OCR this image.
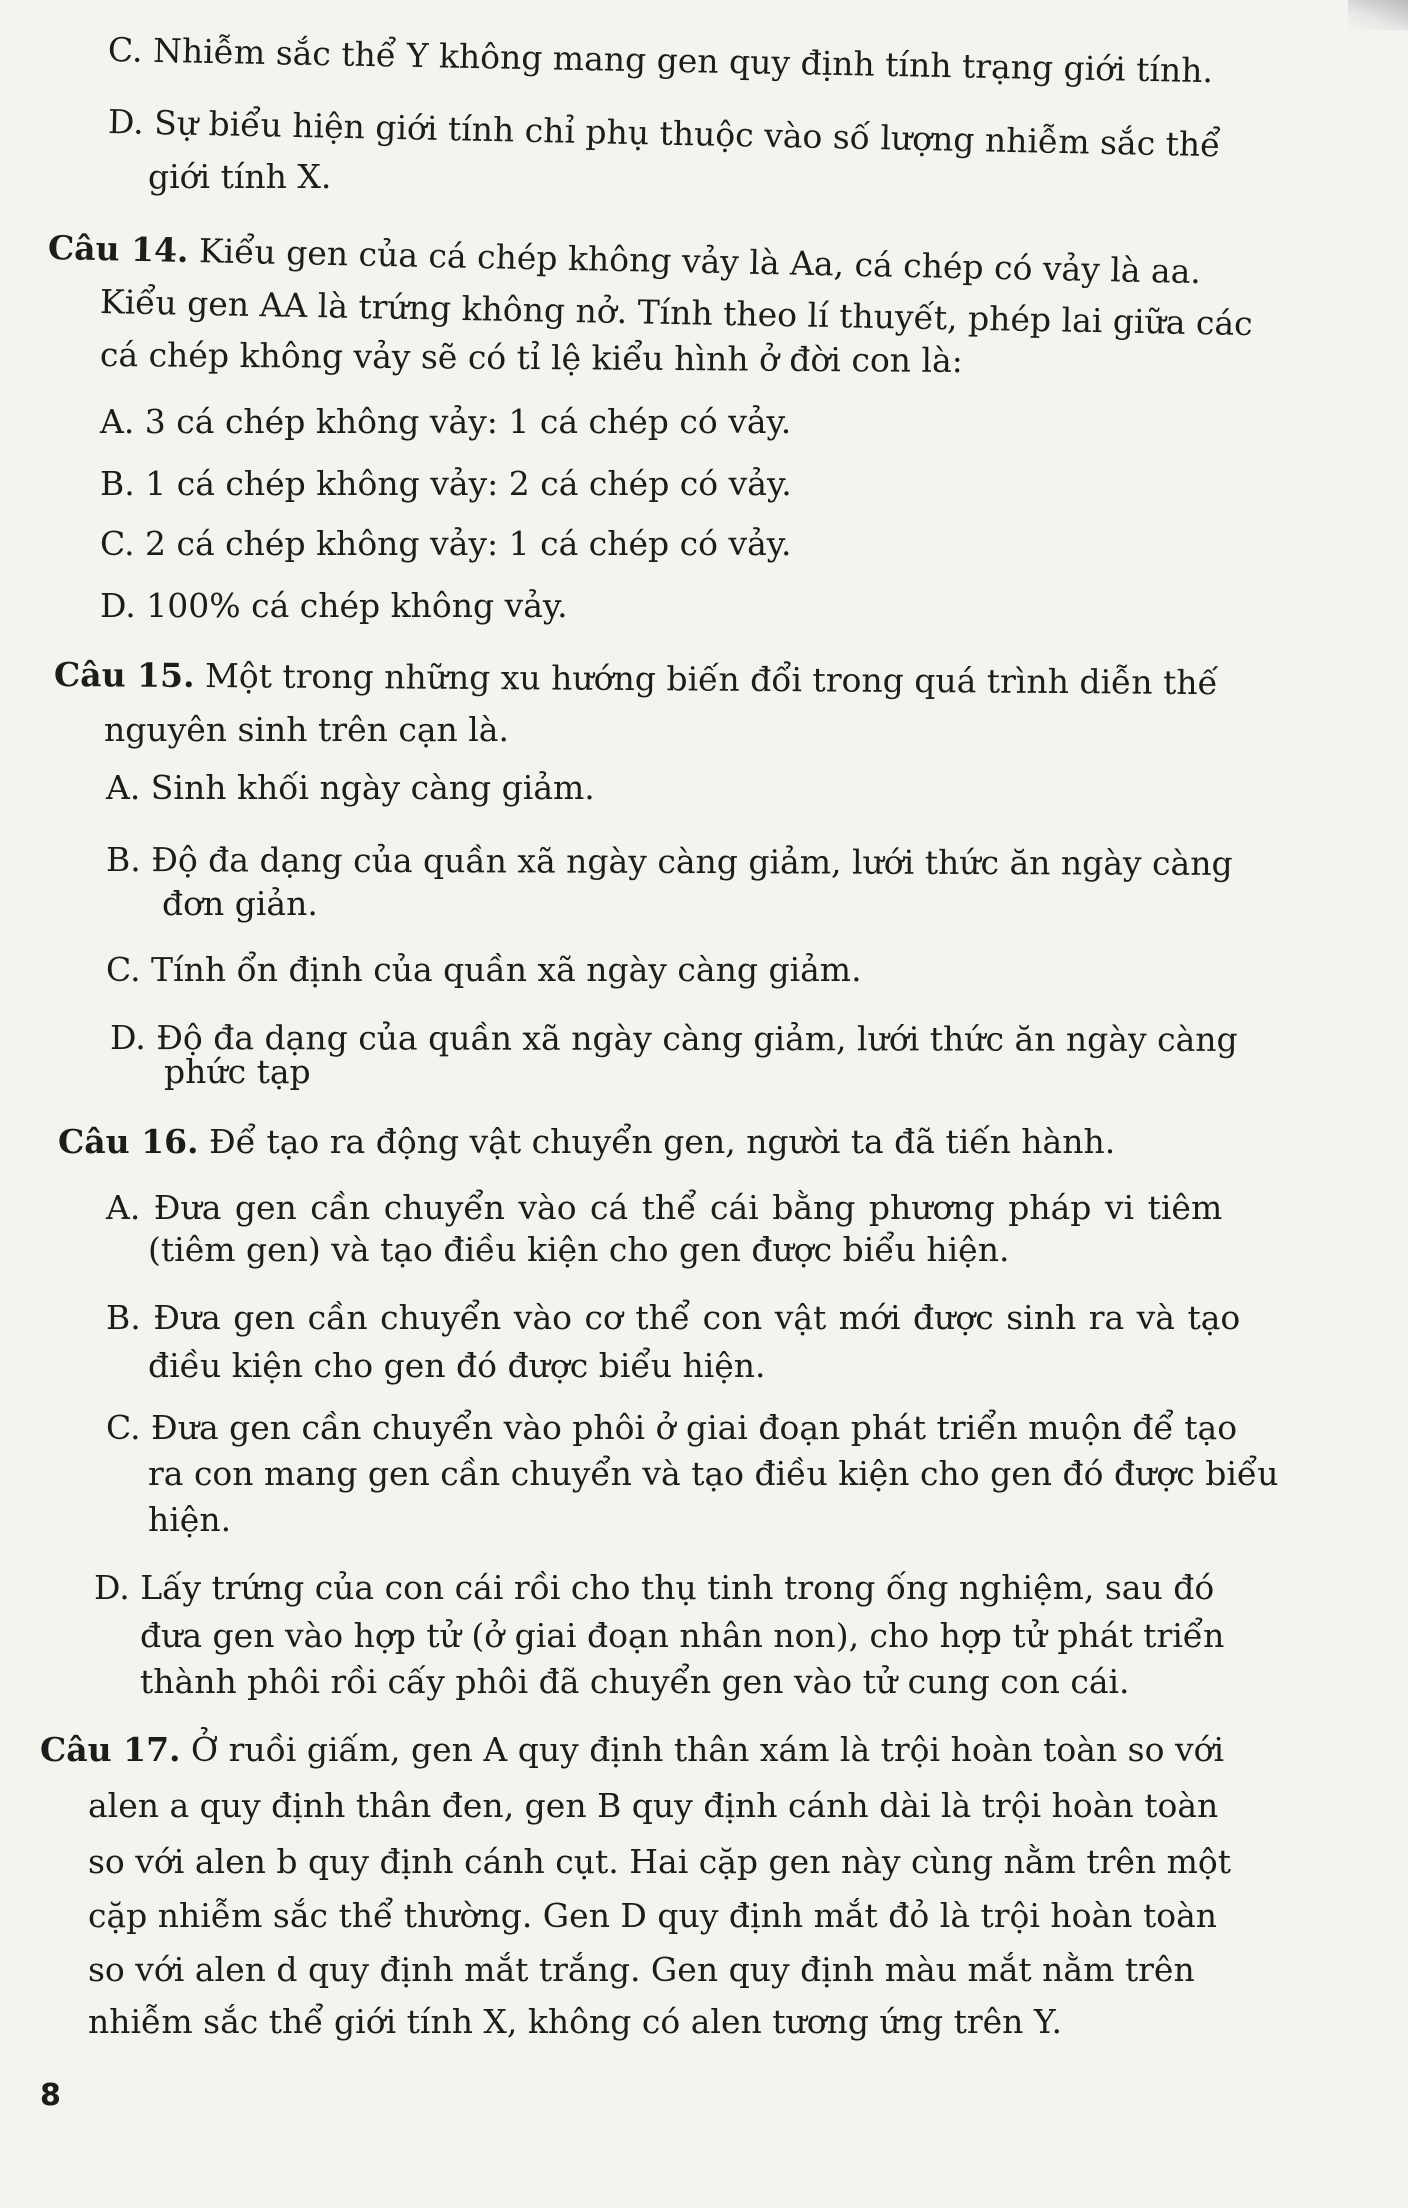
C. Nhiễm sắc thể Y không mang gen quy định tính trạng giới tính.
D. Sự biểu hiện giới tính chỉ phụ thuộc vào số lượng nhiễm sắc thể
giới tính X.
Câu 14. Kiểu gen của cá chép không vảy là Aa, cá chép có vảy là aa.
Kiểu gen AA là trứng không nở. Tính theo lí thuyết, phép lai giữa các
cá chép không vảy sẽ có tỉ lệ kiểu hình ở đời con là:
A. 3 cá chép không vảy: 1 cá chép có vảy.
B. 1 cá chép không vảy: 2 cá chép có vảy.
C. 2 cá chép không vảy: 1 cá chép có vảy.
D. 100% cá chép không vảy.
Câu 15. Một trong những xu hướng biến đổi trong quá trình diễn thế
nguyên sinh trên cạn là.
A. Sinh khối ngày càng giảm.
B. Độ đa dạng của quần xã ngày càng giảm, lưới thức ăn ngày càng
đơn giản.
C. Tính ổn định của quần xã ngày càng giảm.
D. Độ đa dạng của quần xã ngày càng giảm, lưới thức ăn ngày càng
phức tạp
Câu 16. Để tạo ra động vật chuyển gen, người ta đã tiến hành.
A. Đưa gen cần chuyển vào cá thể cái bằng phương pháp vi tiêm
(tiêm gen) và tạo điều kiện cho gen được biểu hiện.
B. Đưa gen cần chuyển vào cơ thể con vật mới được sinh ra và tạo
điều kiện cho gen đó được biểu hiện.
C. Đưa gen cần chuyển vào phôi ở giai đoạn phát triển muộn để tạo
ra con mang gen cần chuyển và tạo điều kiện cho gen đó được biểu
hiện.
D. Lấy trứng của con cái rồi cho thụ tinh trong ống nghiệm, sau đó
đưa gen vào hợp tử (ở giai đoạn nhân non), cho hợp tử phát triển
thành phôi rồi cấy phôi đã chuyển gen vào tử cung con cái.
Câu 17. Ở ruồi giấm, gen A quy định thân xám là trội hoàn toàn so với
alen a quy định thân đen, gen B quy định cánh dài là trội hoàn toàn
so với alen b quy định cánh cụt. Hai cặp gen này cùng nằm trên một
cặp nhiễm sắc thể thường. Gen D quy định mắt đỏ là trội hoàn toàn
so với alen d quy định mắt trắng. Gen quy định màu mắt nằm trên
nhiễm sắc thể giới tính X, không có alen tương ứng trên Y.
8
